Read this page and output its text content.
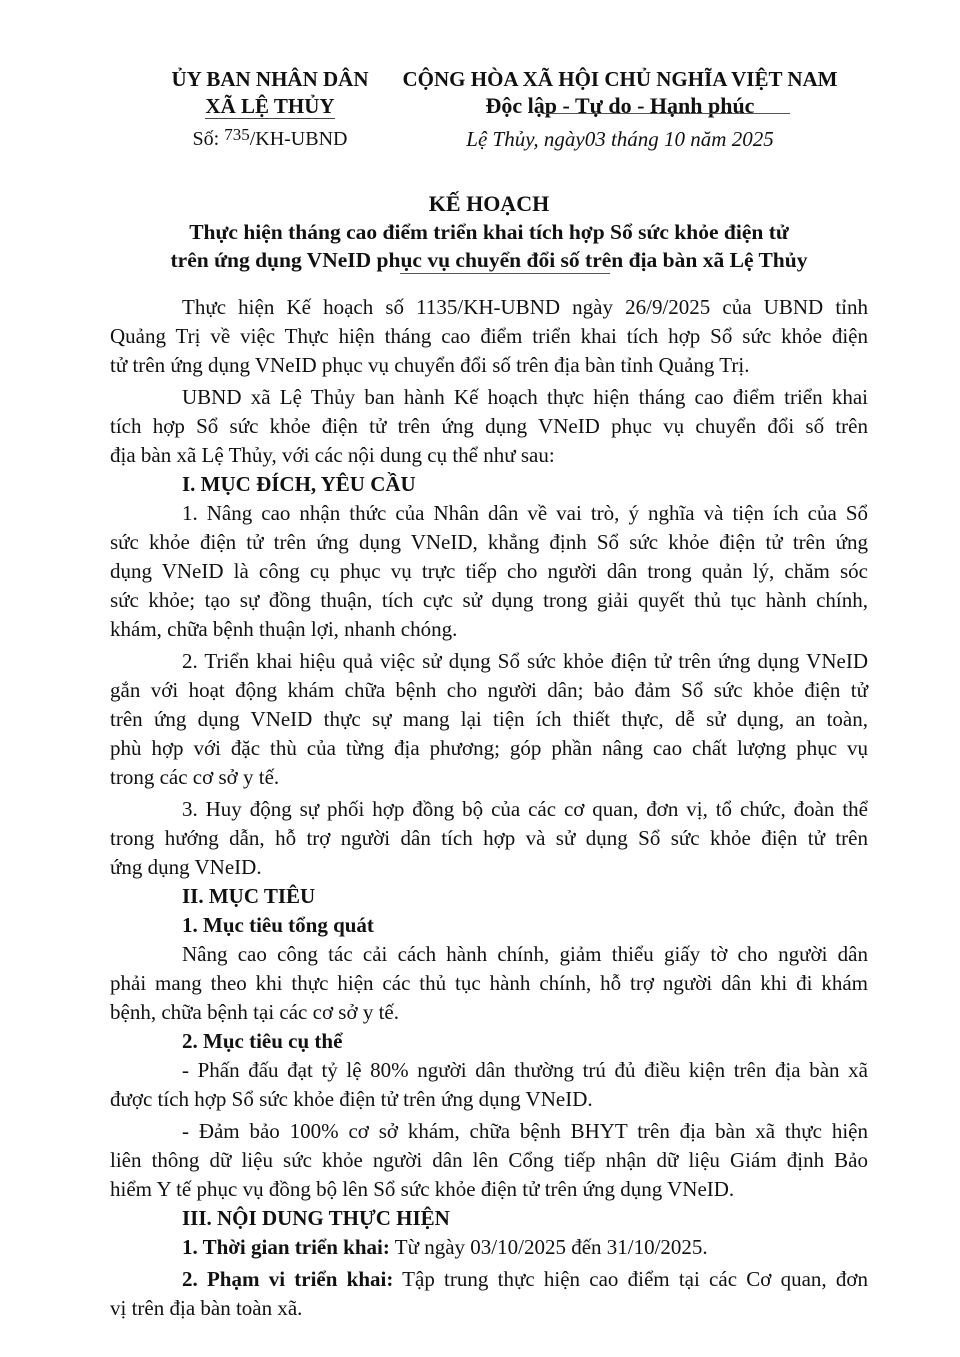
ỦY BAN NHÂN DÂN
XÃ LỆ THỦY
Số: $^{735}$/KH-UBND
CỘNG HÒA XÃ HỘI CHỦ NGHĨA VIỆT NAM
Độc lập - Tự do - Hạnh phúc
Lệ Thủy, ngày03 tháng 10 năm 2025
KẾ HOẠCH
Thực hiện tháng cao điểm triển khai tích hợp Sổ sức khỏe điện tử
trên ứng dụng VNeID phục vụ chuyển đổi số trên địa bàn xã Lệ Thủy
Thực hiện Kế hoạch số 1135/KH-UBND ngày 26/9/2025 của UBND tỉnh
Quảng Trị về việc Thực hiện tháng cao điểm triển khai tích hợp Sổ sức khỏe điện
tử trên ứng dụng VNeID phục vụ chuyển đổi số trên địa bàn tỉnh Quảng Trị.
UBND xã Lệ Thủy ban hành Kế hoạch thực hiện tháng cao điểm triển khai
tích hợp Sổ sức khỏe điện tử trên ứng dụng VNeID phục vụ chuyển đổi số trên
địa bàn xã Lệ Thủy, với các nội dung cụ thể như sau:
I. MỤC ĐÍCH, YÊU CẦU
1. Nâng cao nhận thức của Nhân dân về vai trò, ý nghĩa và tiện ích của Sổ
sức khỏe điện tử trên ứng dụng VNeID, khẳng định Sổ sức khỏe điện tử trên ứng
dụng VNeID là công cụ phục vụ trực tiếp cho người dân trong quản lý, chăm sóc
sức khỏe; tạo sự đồng thuận, tích cực sử dụng trong giải quyết thủ tục hành chính,
khám, chữa bệnh thuận lợi, nhanh chóng.
2. Triển khai hiệu quả việc sử dụng Sổ sức khỏe điện tử trên ứng dụng VNeID
gắn với hoạt động khám chữa bệnh cho người dân; bảo đảm Sổ sức khỏe điện tử
trên ứng dụng VNeID thực sự mang lại tiện ích thiết thực, dễ sử dụng, an toàn,
phù hợp với đặc thù của từng địa phương; góp phần nâng cao chất lượng phục vụ
trong các cơ sở y tế.
3. Huy động sự phối hợp đồng bộ của các cơ quan, đơn vị, tổ chức, đoàn thể
trong hướng dẫn, hỗ trợ người dân tích hợp và sử dụng Sổ sức khỏe điện tử trên
ứng dụng VNeID.
II. MỤC TIÊU
1. Mục tiêu tổng quát
Nâng cao công tác cải cách hành chính, giảm thiểu giấy tờ cho người dân
phải mang theo khi thực hiện các thủ tục hành chính, hỗ trợ người dân khi đi khám
bệnh, chữa bệnh tại các cơ sở y tế.
2. Mục tiêu cụ thể
- Phấn đấu đạt tỷ lệ 80% người dân thường trú đủ điều kiện trên địa bàn xã
được tích hợp Sổ sức khỏe điện tử trên ứng dụng VNeID.
- Đảm bảo 100% cơ sở khám, chữa bệnh BHYT trên địa bàn xã thực hiện
liên thông dữ liệu sức khỏe người dân lên Cổng tiếp nhận dữ liệu Giám định Bảo
hiểm Y tế phục vụ đồng bộ lên Sổ sức khỏe điện tử trên ứng dụng VNeID.
III. NỘI DUNG THỰC HIỆN
1. Thời gian triển khai: Từ ngày 03/10/2025 đến 31/10/2025.
2. Phạm vi triển khai: Tập trung thực hiện cao điểm tại các Cơ quan, đơn
vị trên địa bàn toàn xã.
